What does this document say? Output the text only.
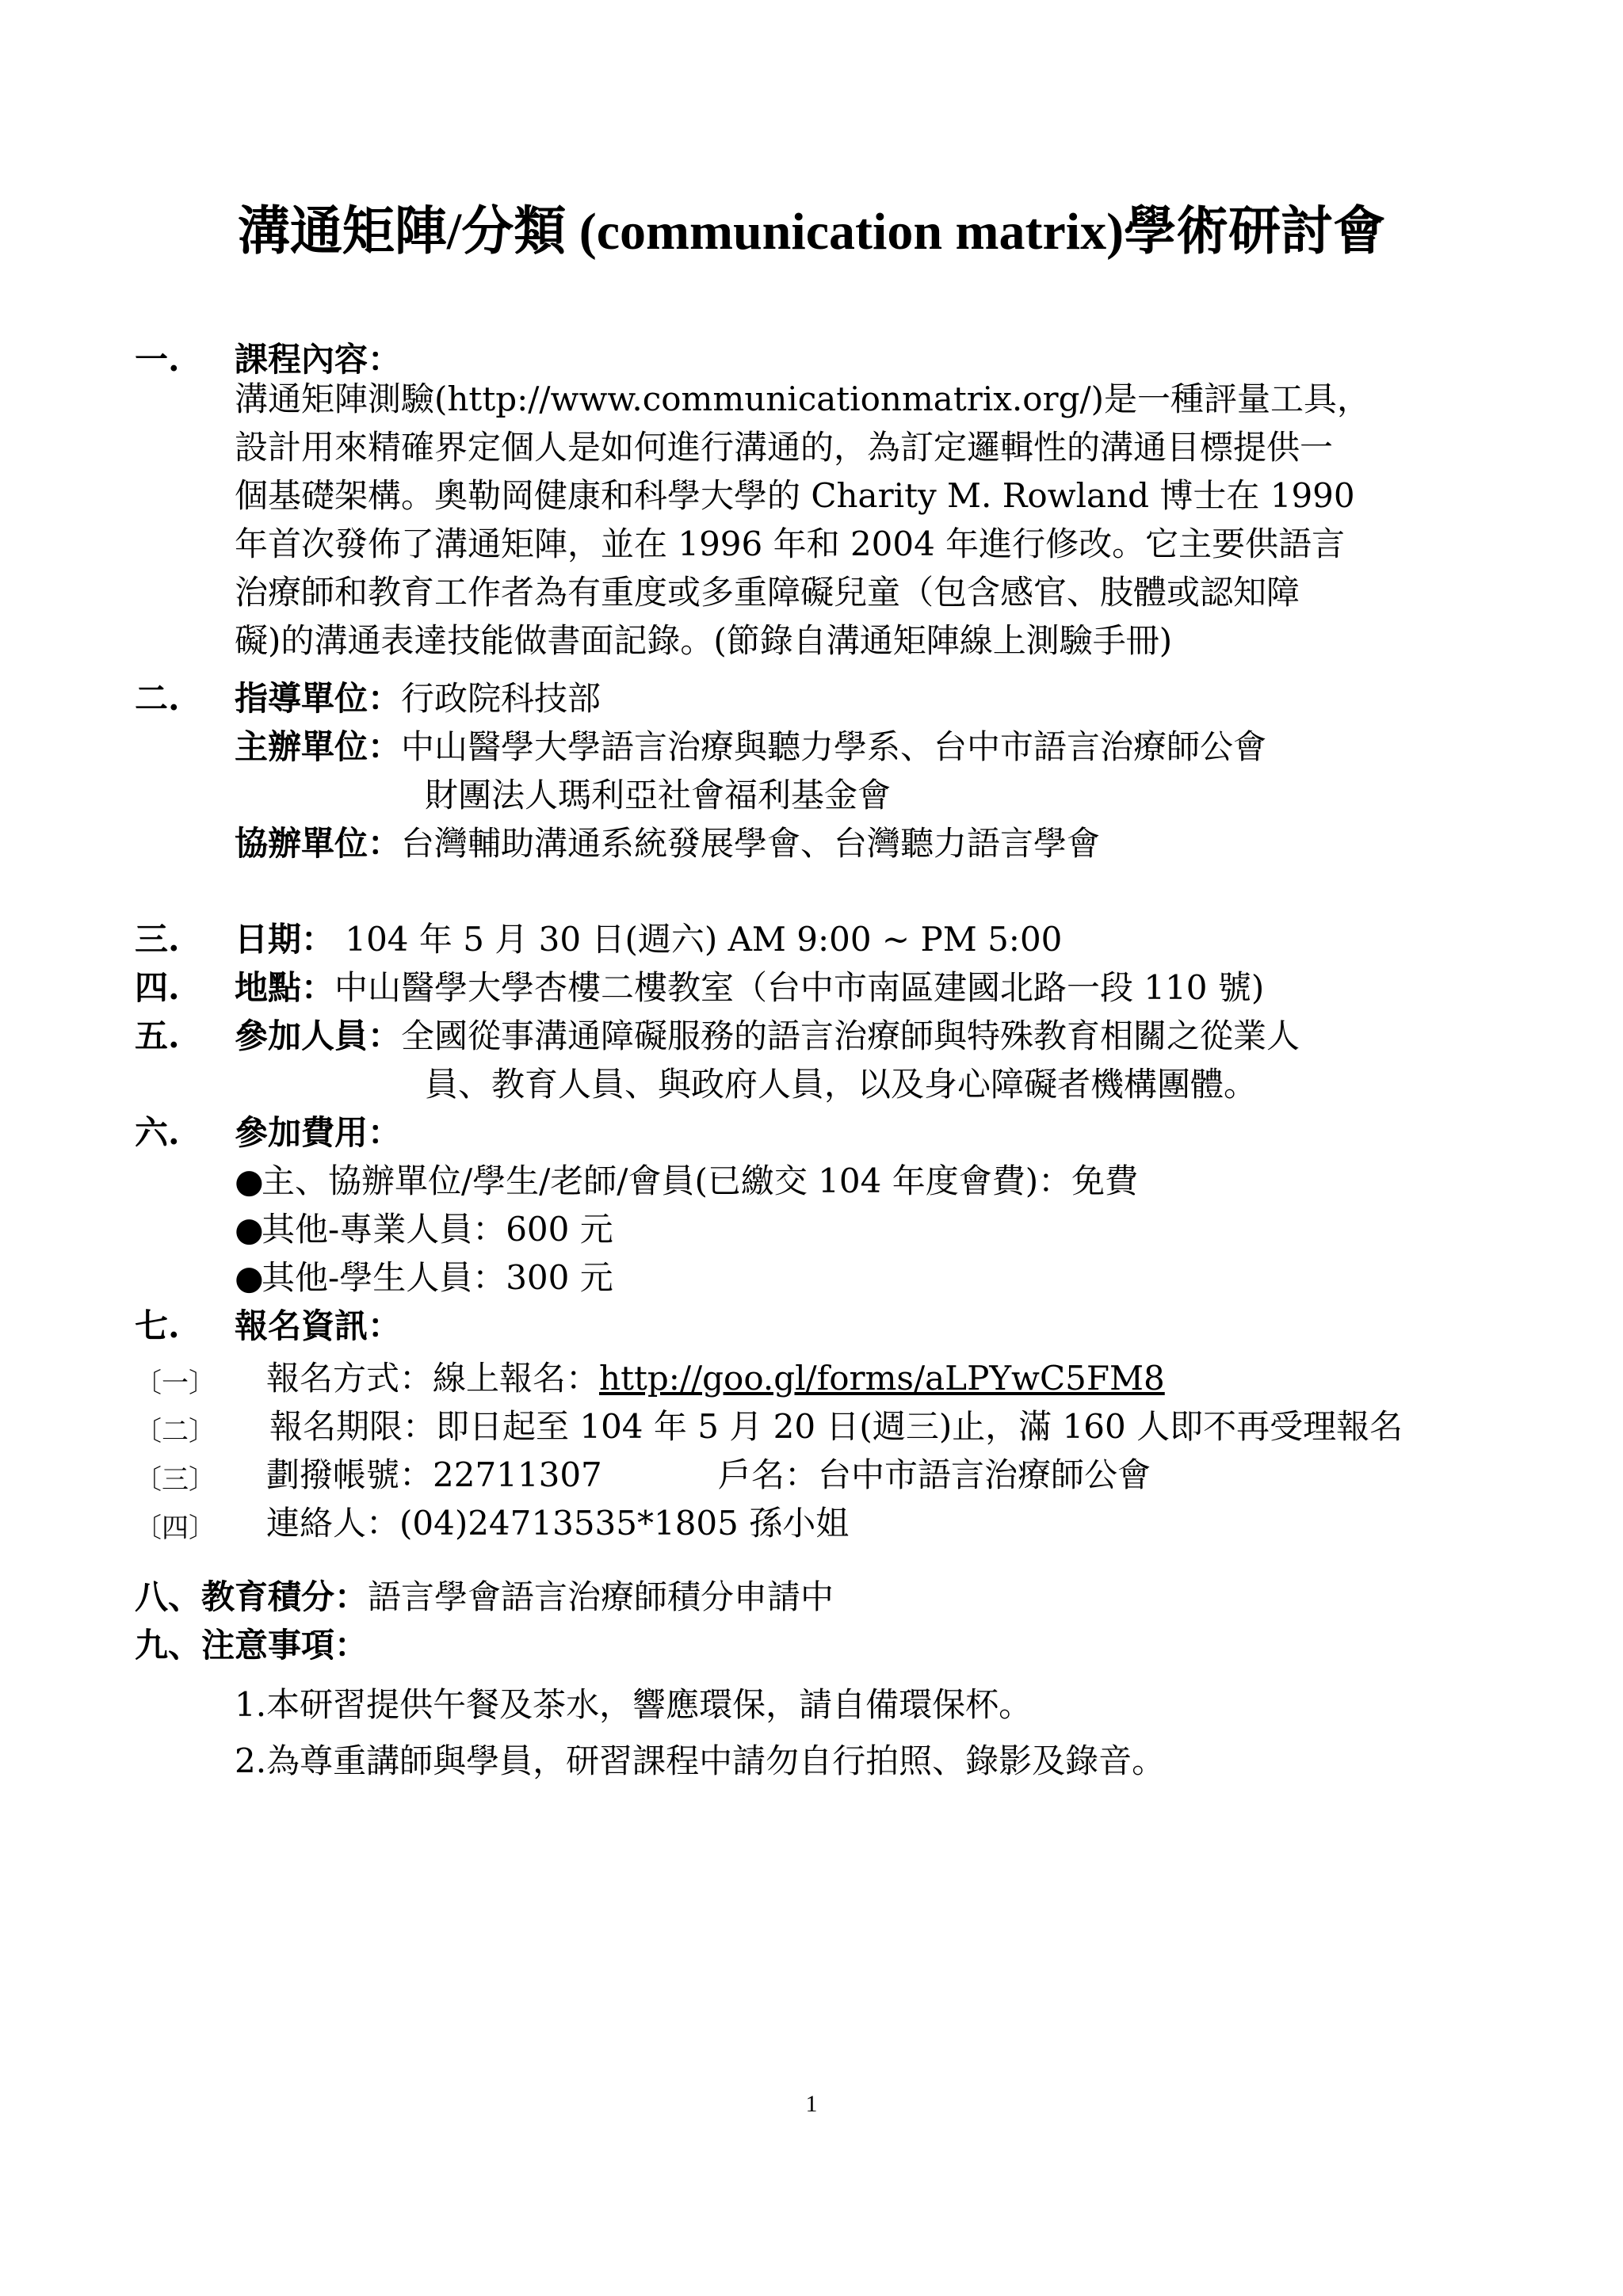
溝通矩陣/分類 (communication matrix)學術研討會
一. 課程內容：
溝通矩陣測驗(http://www.communicationmatrix.org/)是一種評量工具，
設計用來精確界定個人是如何進行溝通的，為訂定邏輯性的溝通目標提供一
個基礎架構。奧勒岡健康和科學大學的 Charity M. Rowland 博士在 1990
年首次發佈了溝通矩陣，並在 1996 年和 2004 年進行修改。它主要供語言
治療師和教育工作者為有重度或多重障礙兒童（包含感官、肢體或認知障
礙)的溝通表達技能做書面記錄。(節錄自溝通矩陣線上測驗手冊)
二. 指導單位：行政院科技部
主辦單位：中山醫學大學語言治療與聽力學系、台中市語言治療師公會
財團法人瑪利亞社會福利基金會
協辦單位：台灣輔助溝通系統發展學會、台灣聽力語言學會
三. 日期： 104 年 5 月 30 日(週六) AM 9:00 ~ PM 5:00
四. 地點：中山醫學大學杏樓二樓教室（台中市南區建國北路一段 110 號)
五. 參加人員：全國從事溝通障礙服務的語言治療師與特殊教育相關之從業人
員、教育人員、與政府人員，以及身心障礙者機構團體。
六. 參加費用：
●主、協辦單位/學生/老師/會員(已繳交 104 年度會費)：免費
●其他-專業人員：600 元
●其他-學生人員：300 元
七. 報名資訊：
〔一〕 報名方式：線上報名：http://goo.gl/forms/aLPYwC5FM8
〔二〕 報名期限：即日起至 104 年 5 月 20 日(週三)止，滿 160 人即不再受理報名
〔三〕 劃撥帳號：22711307	戶名：台中市語言治療師公會
〔四〕 連絡人：(04)24713535*1805 孫小姐
八、教育積分：語言學會語言治療師積分申請中
九、注意事項：
1.本研習提供午餐及茶水，響應環保，請自備環保杯。
2.為尊重講師與學員，研習課程中請勿自行拍照、錄影及錄音。
1
